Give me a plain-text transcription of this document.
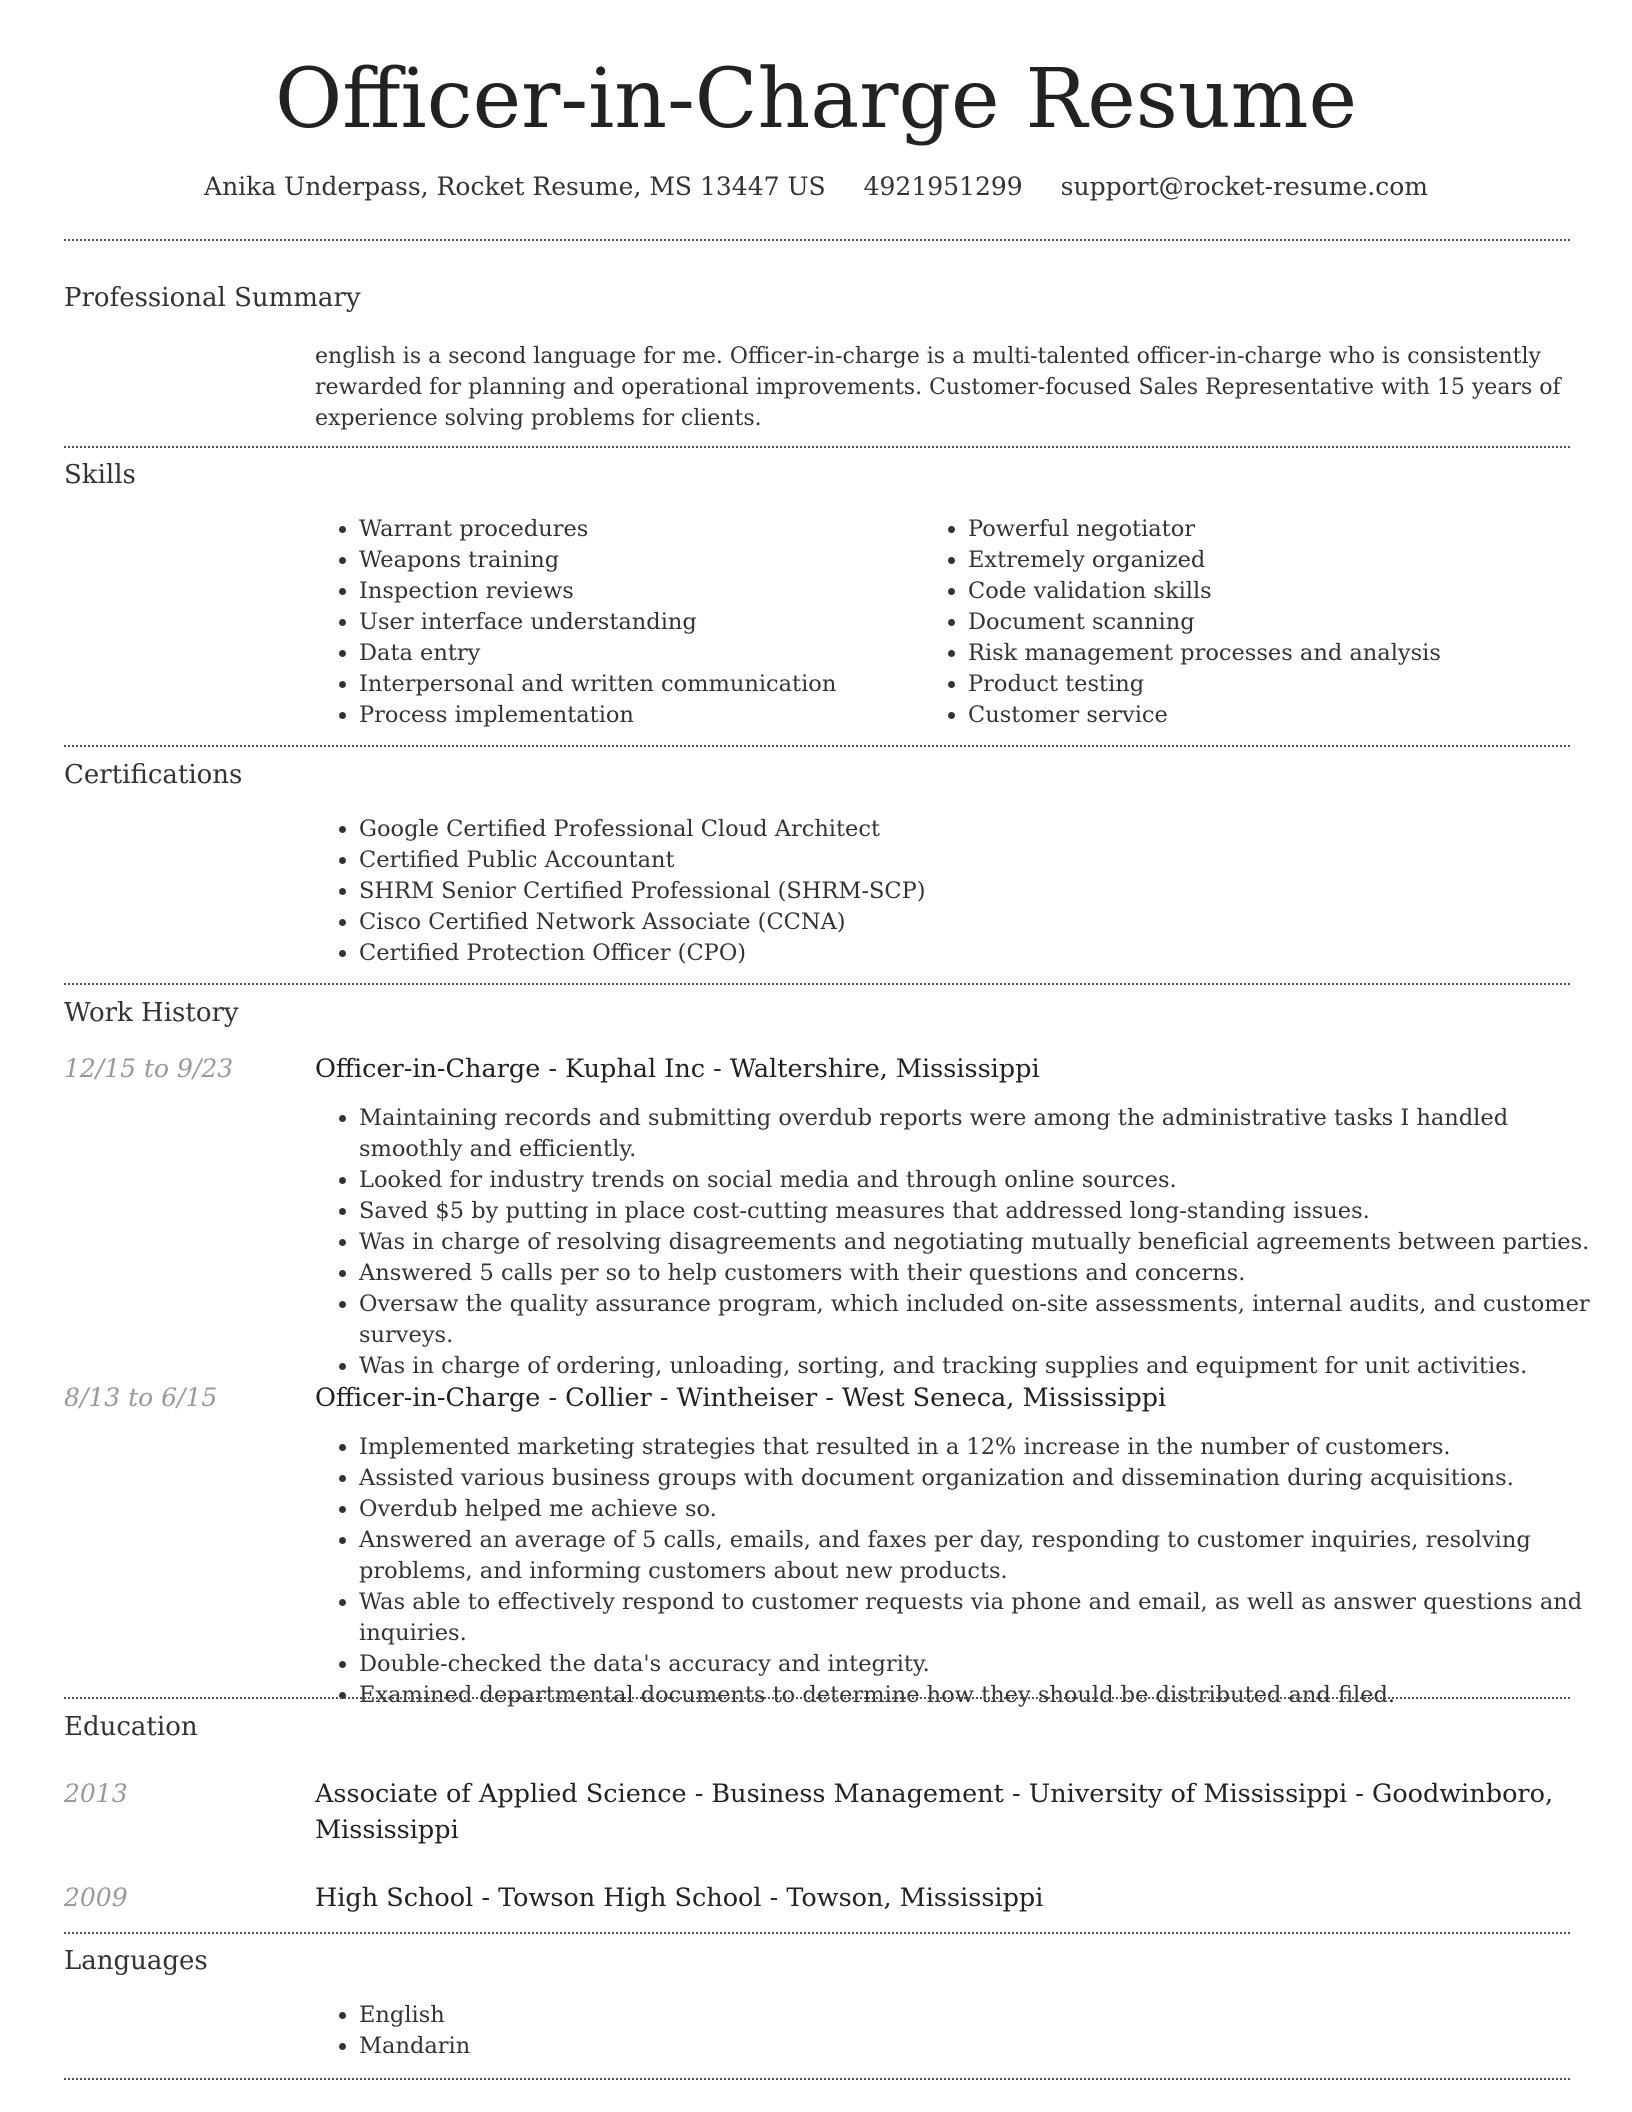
Officer-in-Charge Resume
Anika Underpass, Rocket Resume, MS 13447 US 4921951299 support@rocket-resume.com
Professional Summary

english is a second language for me. Officer-in-charge is a multi-talented officer-in-charge who is consistently rewarded for planning and operational improvements. Customer-focused Sales Representative with 15 years of experience solving problems for clients.

Skills
• Warrant procedures
• Weapons training
• Inspection reviews
• User interface understanding
• Data entry
• Interpersonal and written communication
• Process implementation
• Powerful negotiator
• Extremely organized
• Code validation skills
• Document scanning
• Risk management processes and analysis
• Product testing
• Customer service
Certifications
• Google Certified Professional Cloud Architect
• Certified Public Accountant
• SHRM Senior Certified Professional (SHRM-SCP)
• Cisco Certified Network Associate (CCNA)
• Certified Protection Officer (CPO)
Work History
12/15 to 9/23	Officer-in-Charge - Kuphal Inc - Waltershire, Mississippi
• Maintaining records and submitting overdub reports were among the administrative tasks I handled smoothly and efficiently.
• Looked for industry trends on social media and through online sources.
• Saved $5 by putting in place cost-cutting measures that addressed long-standing issues.
• Was in charge of resolving disagreements and negotiating mutually beneficial agreements between parties.
• Answered 5 calls per so to help customers with their questions and concerns.
• Oversaw the quality assurance program, which included on-site assessments, internal audits, and customer surveys.
• Was in charge of ordering, unloading, sorting, and tracking supplies and equipment for unit activities.
8/13 to 6/15	Officer-in-Charge - Collier - Wintheiser - West Seneca, Mississippi
• Implemented marketing strategies that resulted in a 12% increase in the number of customers.
• Assisted various business groups with document organization and dissemination during acquisitions.
• Overdub helped me achieve so.
• Answered an average of 5 calls, emails, and faxes per day, responding to customer inquiries, resolving problems, and informing customers about new products.
• Was able to effectively respond to customer requests via phone and email, as well as answer questions and inquiries.
• Double-checked the data's accuracy and integrity.
• Examined departmental documents to determine how they should be distributed and filed.
Education
2013	Associate of Applied Science - Business Management - University of Mississippi - Goodwinboro, Mississippi
2009	High School - Towson High School - Towson, Mississippi
Languages
• English
• Mandarin
